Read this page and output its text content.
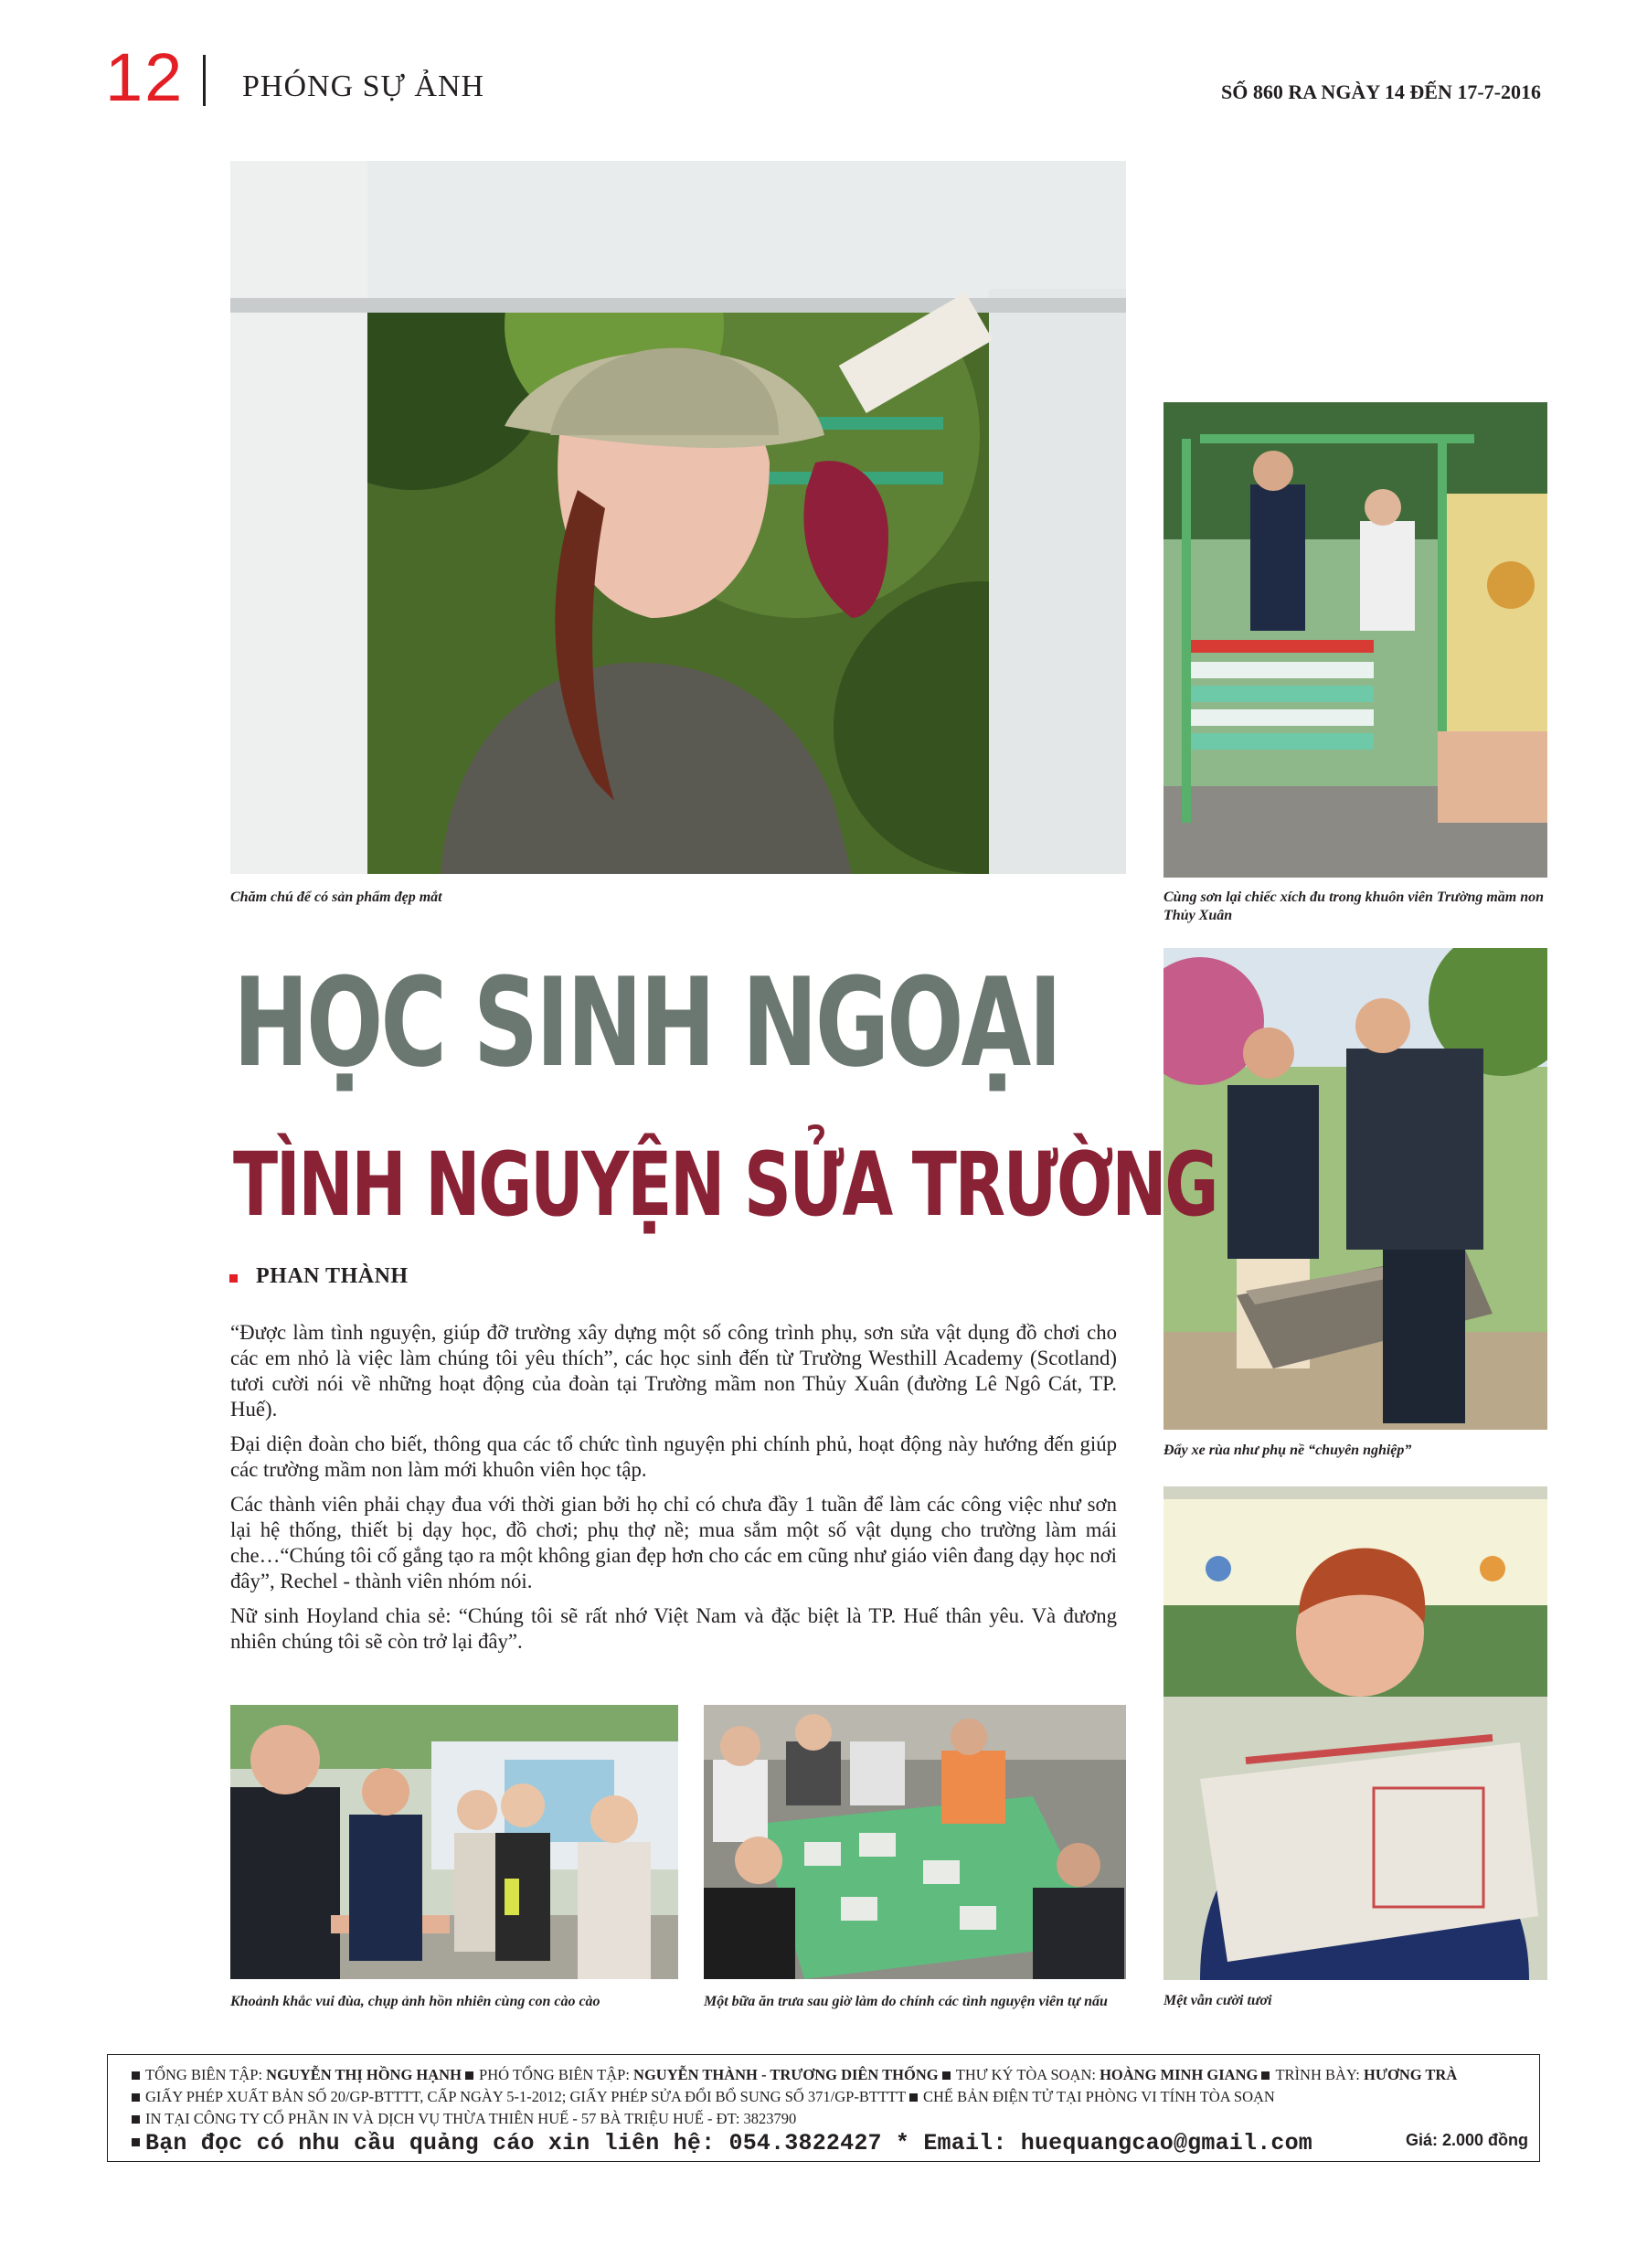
12 PHÓNG SỰ ẢNH	SỐ 860 RA NGÀY 14 ĐẾN 17-7-2016
Chăm chú để có sản phẩm đẹp mắt	Cùng sơn lại chiếc xích đu trong khuôn viên Trường mầm non Thủy Xuân
Đẩy xe rùa như phụ nề “chuyên nghiệp”
Mệt vẫn cười tươi
HỌC SINH NGOẠI
TÌNH NGUYỆN SỬA TRƯỜNG
PHAN THÀNH

“Được làm tình nguyện, giúp đỡ trường xây dựng một số công trình phụ, sơn sửa vật dụng đồ chơi cho các em nhỏ là việc làm chúng tôi yêu thích”, các học sinh đến từ Trường Westhill Academy (Scotland) tươi cười nói về những hoạt động của đoàn tại Trường mầm non Thủy Xuân (đường Lê Ngô Cát, TP. Huế).

Đại diện đoàn cho biết, thông qua các tổ chức tình nguyện phi chính phủ, hoạt động này hướng đến giúp các trường mầm non làm mới khuôn viên học tập.

Các thành viên phải chạy đua với thời gian bởi họ chỉ có chưa đầy 1 tuần để làm các công việc như sơn lại hệ thống, thiết bị dạy học, đồ chơi; phụ thợ nề; mua sắm một số vật dụng cho trường làm mái che…“Chúng tôi cố gắng tạo ra một không gian đẹp hơn cho các em cũng như giáo viên đang dạy học nơi đây”, Rechel - thành viên nhóm nói.

Nữ sinh Hoyland chia sẻ: “Chúng tôi sẽ rất nhớ Việt Nam và đặc biệt là TP. Huế thân yêu. Và đương nhiên chúng tôi sẽ còn trở lại đây”.

Khoảnh khắc vui đùa, chụp ảnh hồn nhiên cùng con cào cào	Một bữa ăn trưa sau giờ làm do chính các tình nguyện viên tự nấu
TỔNG BIÊN TẬP: NGUYỄN THỊ HỒNG HẠNH PHÓ TỔNG BIÊN TẬP: NGUYỄN THÀNH - TRƯƠNG DIÊN THỐNG THƯ KÝ TÒA SOẠN: HOÀNG MINH GIANG TRÌNH BÀY: HƯƠNG TRÀ
GIẤY PHÉP XUẤT BẢN SỐ 20/GP-BTTTT, CẤP NGÀY 5-1-2012; GIẤY PHÉP SỬA ĐỔI BỔ SUNG SỐ 371/GP-BTTTT CHẾ BẢN ĐIỆN TỬ TẠI PHÒNG VI TÍNH TÒA SOẠN
IN TẠI CÔNG TY CỔ PHẦN IN VÀ DỊCH VỤ THỪA THIÊN HUẾ - 57 BÀ TRIỆU HUẾ - ĐT: 3823790
Bạn đọc có nhu cầu quảng cáo xin liên hệ: 054.3822427 * Email: huequangcao@gmail.com	Giá: 2.000 đồng
